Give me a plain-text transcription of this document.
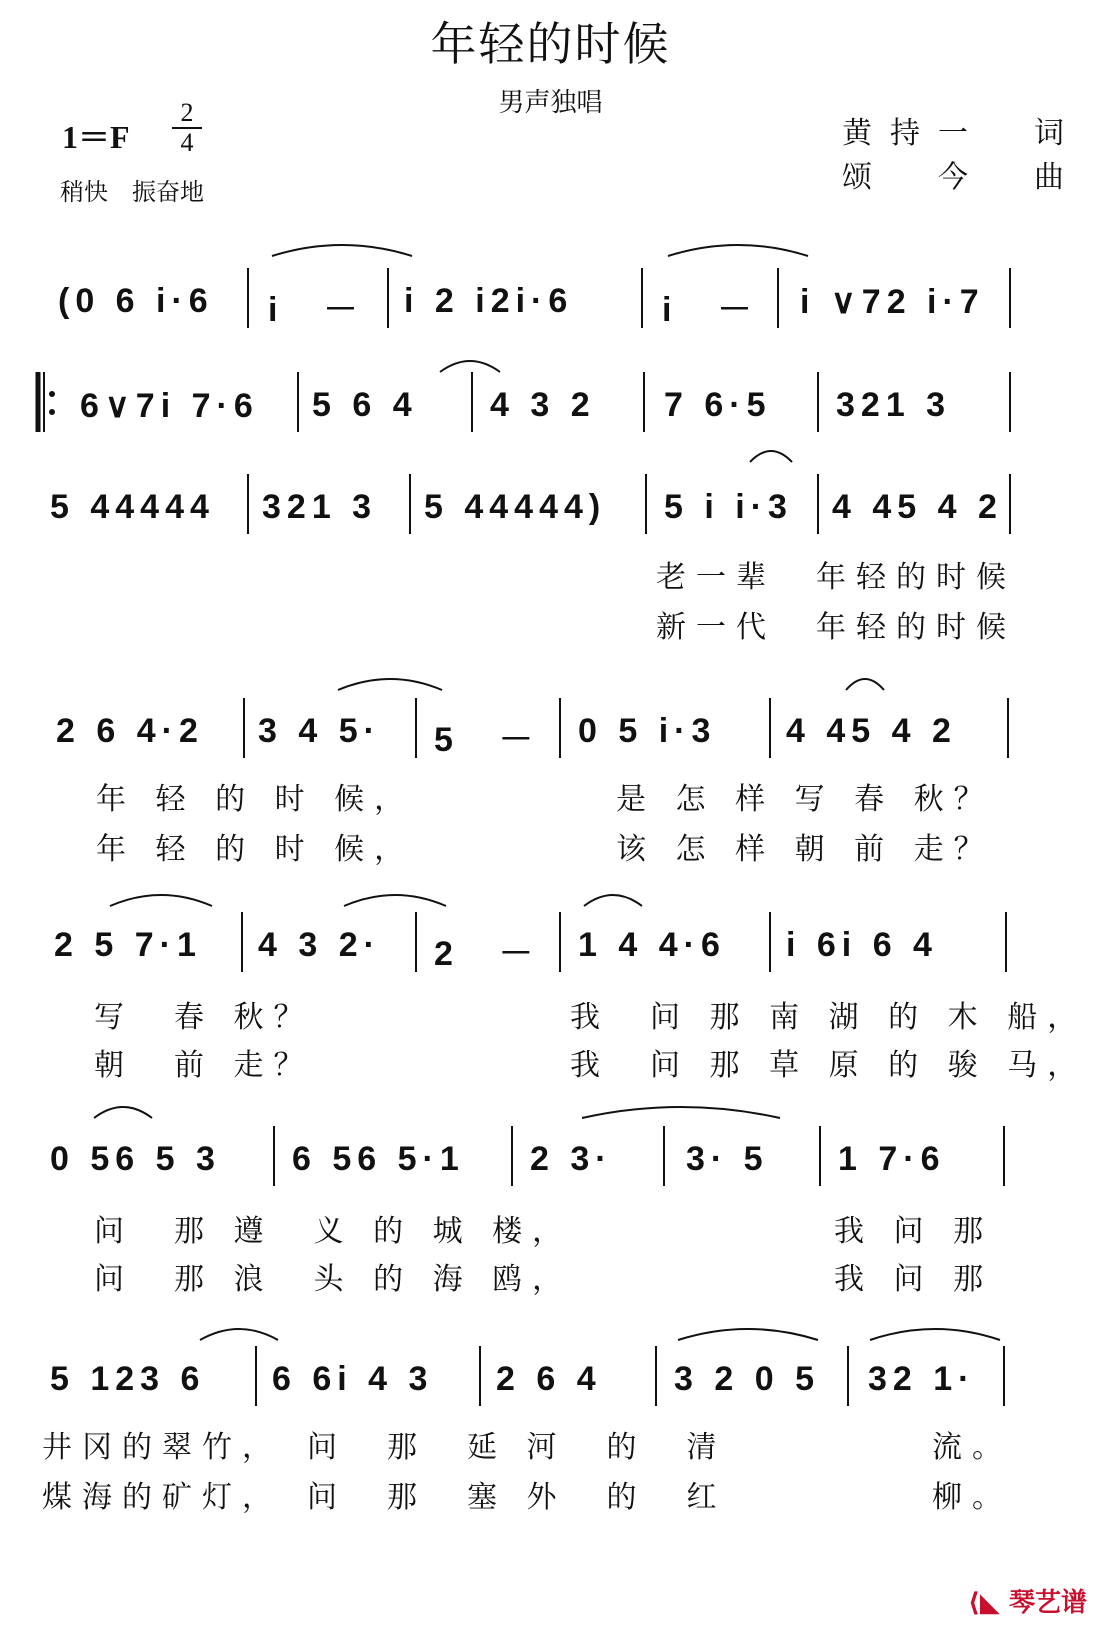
年轻的时候
男声独唱
1＝F
2
4
稍快　振奋地
黄持一　词
颂　今　曲
(0 6 i·6 i　－ i 2 i2i·6	i　－ i ∨72 i·7
6∨7i 7·6 5 6 4 4 3 2 7 6·5 321 3
5 44444 321 3 5 44444) 5 i i·3 4 45 4 2
老一辈　年轻的时候
新一代　年轻的时候
2 6 4·2 3 4 5· 5　－ 0 5 i·3 4 45 4 2
年 轻 的 时 候，	是 怎 样 写 春 秋？
年 轻 的 时 候，	该 怎 样 朝 前 走？
2 5 7·1 4 3 2· 2　－ 1 4 4·6 i 6i 6 4
写　春 秋？	我　问 那 南 湖 的 木 船，
朝　前 走？	我　问 那 草 原 的 骏 马，
0 56 5 3 6 56 5·1 2 3· 3· 5 1 7·6
问　那 遵　义 的 城 楼，	我 问 那
问　那 浪　头 的 海 鸥，	我 问 那
5 123 6 6 6i 4 3 2 6 4 3 2 0 5 32 1·
井冈的翠竹，　问　那　延 河　的　清	流。
煤海的矿灯，　问　那　塞 外　的　红	柳。
⟨◣ 琴艺谱
